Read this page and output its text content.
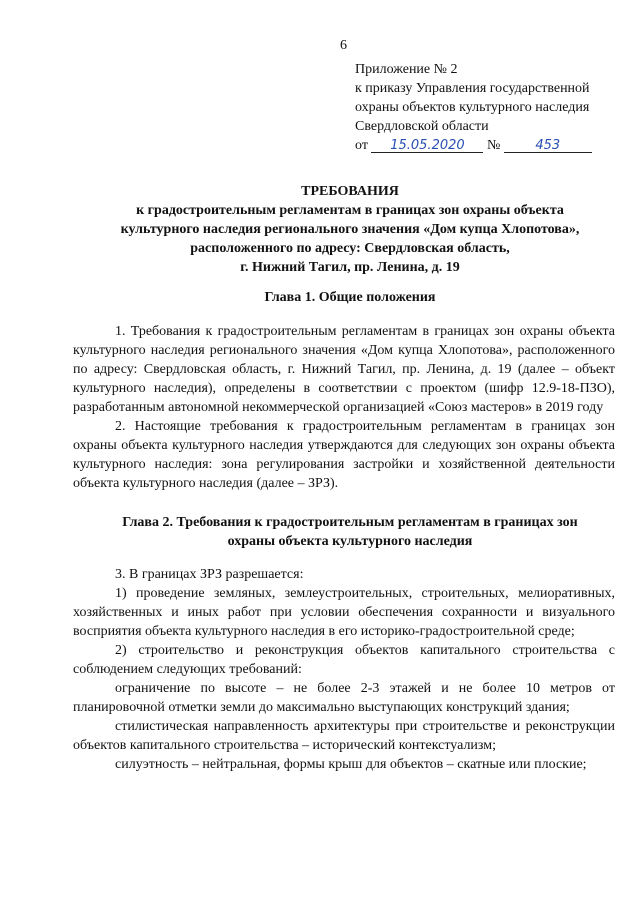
6
Приложение № 2
к приказу Управления государственной
охраны объектов культурного наследия
Свердловской области
от 15.05.2020 №	453
ТРЕБОВАНИЯ
к градостроительным регламентам в границах зон охраны объекта
культурного наследия регионального значения «Дом купца Хлопотова»,
расположенного по адресу: Свердловская область,
г. Нижний Тагил, пр. Ленина, д. 19
Глава 1. Общие положения

1. Требования к градостроительным регламентам в границах зон охраны объекта культурного наследия регионального значения «Дом купца Хлопотова», расположенного по адресу: Свердловская область, г. Нижний Тагил, пр. Ленина, д. 19 (далее – объект культурного наследия), определены в соответствии с проектом (шифр 12.9-18-ПЗО), разработанным автономной некоммерческой организацией «Союз мастеров» в 2019 году

2. Настоящие требования к градостроительным регламентам в границах зон охраны объекта культурного наследия утверждаются для следующих зон охраны объекта культурного наследия: зона регулирования застройки и хозяйственной деятельности объекта культурного наследия (далее – ЗРЗ).

Глава 2. Требования к градостроительным регламентам в границах зон
охраны объекта культурного наследия

3. В границах ЗРЗ разрешается:

1) проведение земляных, землеустроительных, строительных, мелиоративных, хозяйственных и иных работ при условии обеспечения сохранности и визуального восприятия объекта культурного наследия в его историко-градостроительной среде;

2) строительство и реконструкция объектов капитального строительства с соблюдением следующих требований:

ограничение по высоте – не более 2-3 этажей и не более 10 метров от планировочной отметки земли до максимально выступающих конструкций здания;

стилистическая направленность архитектуры при строительстве и реконструкции объектов капитального строительства – исторический контекстуализм;

силуэтность – нейтральная, формы крыш для объектов – скатные или плоские;
